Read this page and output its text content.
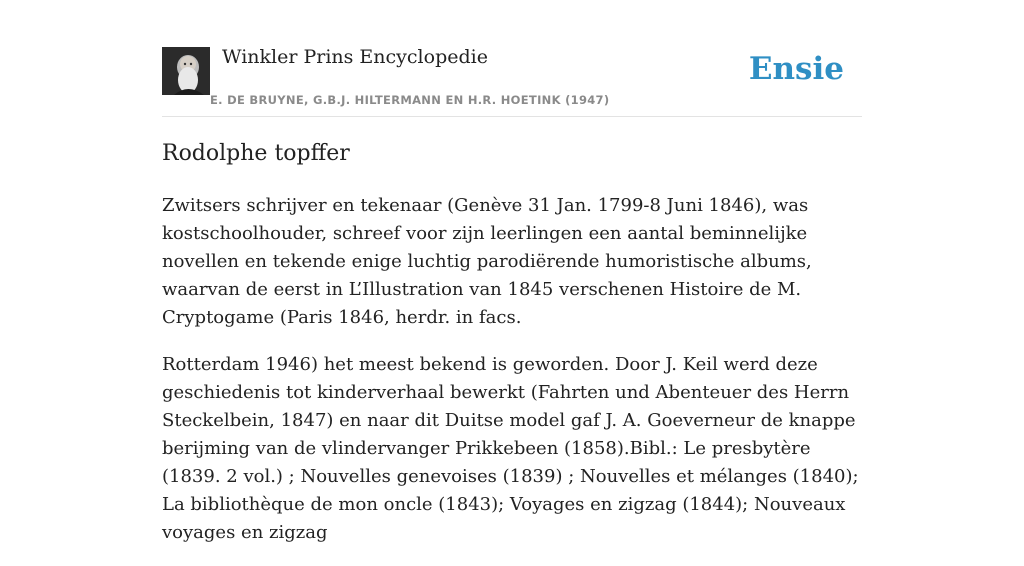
Winkler Prins Encyclopedie
E. DE BRUYNE, G.B.J. HILTERMANN EN H.R. HOETINK (1947)
Ensie
Rodolphe topffer

Zwitsers schrijver en tekenaar (Genève 31 Jan. 1799-8 Juni 1846), was kostschoolhouder, schreef voor zijn leerlingen een aantal beminnelijke novellen en tekende enige luchtig parodiërende humoristische albums, waarvan de eerst in L’Illustration van 1845 verschenen Histoire de M. Cryptogame (Paris 1846, herdr. in facs.

Rotterdam 1946) het meest bekend is geworden. Door J. Keil werd deze geschiedenis tot kinderverhaal bewerkt (Fahrten und Abenteuer des Herrn Steckelbein, 1847) en naar dit Duitse model gaf J. A. Goeverneur de knappe berijming van de vlindervanger Prikkebeen (1858).Bibl.: Le presbytère (1839. 2 vol.) ; Nouvelles genevoises (1839) ; Nouvelles et mélanges (1840); La bibliothèque de mon oncle (1843); Voyages en zigzag (1844); Nouveaux voyages en zigzag
